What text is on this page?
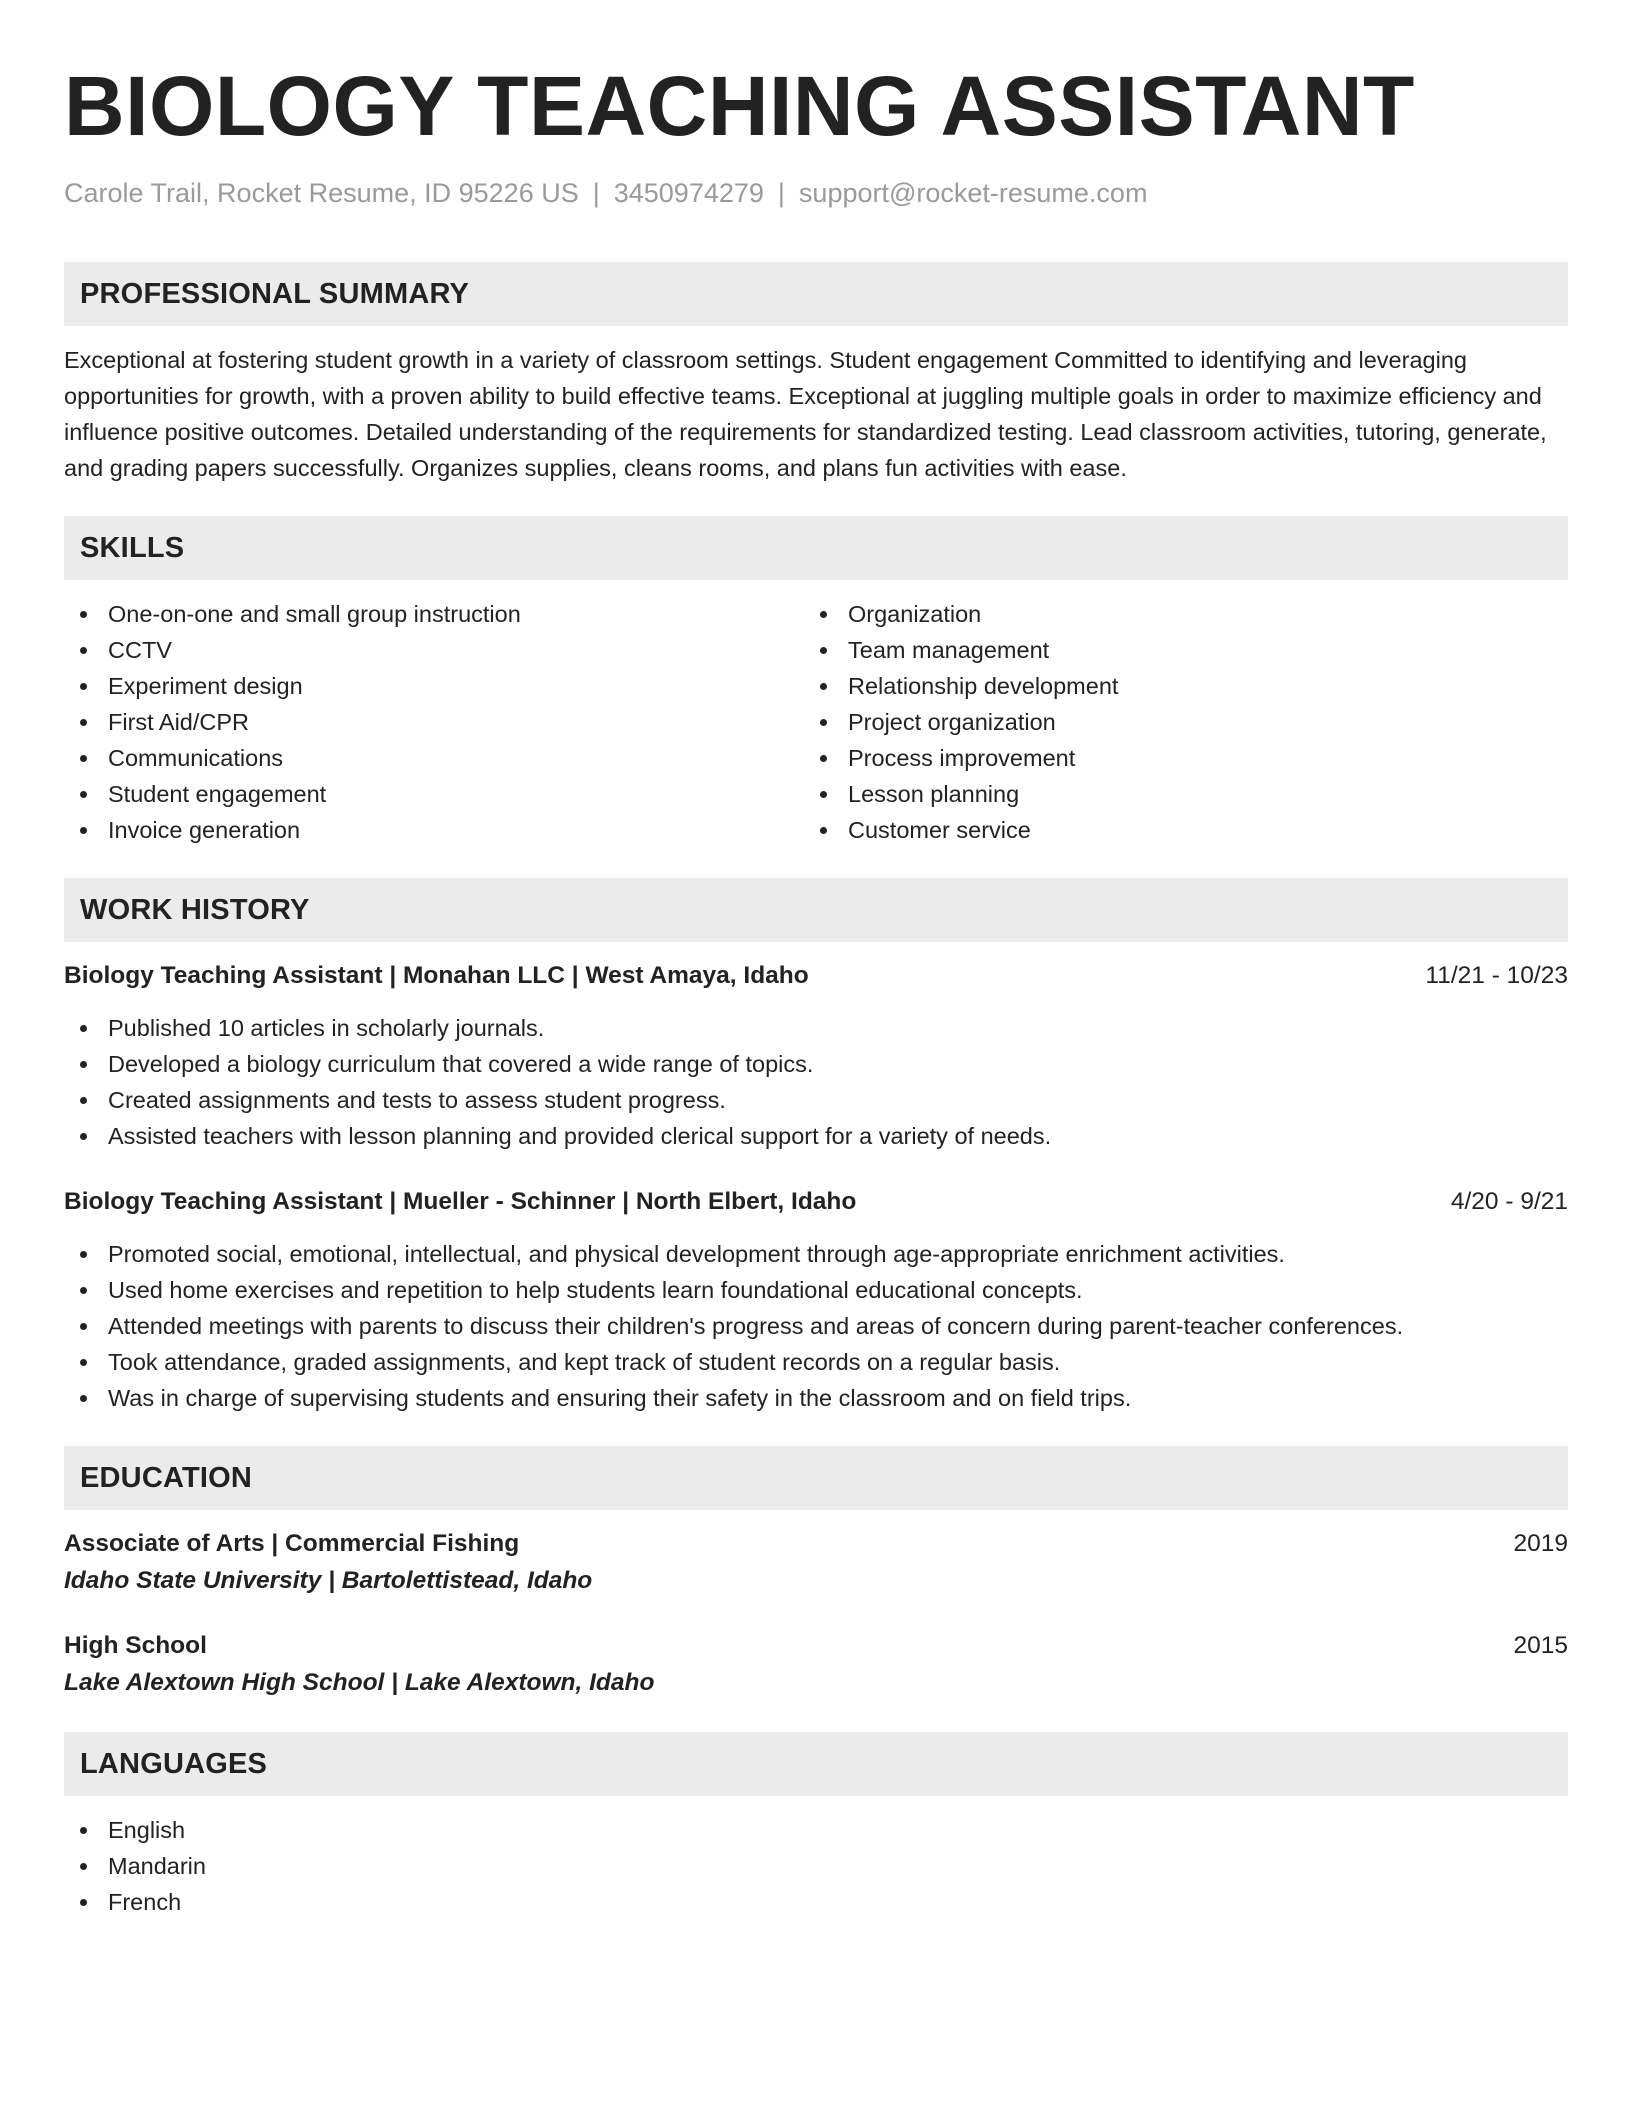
BIOLOGY TEACHING ASSISTANT
Carole Trail, Rocket Resume, ID 95226 US | 3450974279 | support@rocket-resume.com
PROFESSIONAL SUMMARY

Exceptional at fostering student growth in a variety of classroom settings. Student engagement Committed to identifying and leveraging opportunities for growth, with a proven ability to build effective teams. Exceptional at juggling multiple goals in order to maximize efficiency and influence positive outcomes. Detailed understanding of the requirements for standardized testing. Lead classroom activities, tutoring, generate, and grading papers successfully. Organizes supplies, cleans rooms, and plans fun activities with ease.

SKILLS
One-on-one and small group instruction
CCTV
Experiment design
First Aid/CPR
Communications
Student engagement
Invoice generation
Organization
Team management
Relationship development
Project organization
Process improvement
Lesson planning
Customer service
WORK HISTORY
Biology Teaching Assistant | Monahan LLC | West Amaya, Idaho	11/21 - 10/23
Published 10 articles in scholarly journals.
Developed a biology curriculum that covered a wide range of topics.
Created assignments and tests to assess student progress.
Assisted teachers with lesson planning and provided clerical support for a variety of needs.
Biology Teaching Assistant | Mueller - Schinner | North Elbert, Idaho	4/20 - 9/21
Promoted social, emotional, intellectual, and physical development through age-appropriate enrichment activities.
Used home exercises and repetition to help students learn foundational educational concepts.
Attended meetings with parents to discuss their children's progress and areas of concern during parent-teacher conferences.
Took attendance, graded assignments, and kept track of student records on a regular basis.
Was in charge of supervising students and ensuring their safety in the classroom and on field trips.
EDUCATION
Associate of Arts | Commercial Fishing	2019
Idaho State University | Bartolettistead, Idaho
High School	2015
Lake Alextown High School | Lake Alextown, Idaho
LANGUAGES
English
Mandarin
French
